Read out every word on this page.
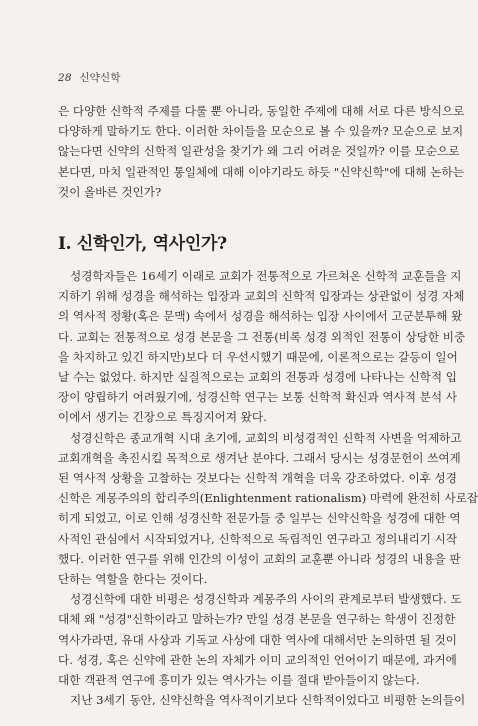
28 신약신학
은 다양한 신학적 주제를 다룰 뿐 아니라, 동일한 주제에 대해 서로 다른 방식으로
다양하게 말하기도 한다. 이러한 차이들을 모순으로 볼 수 있을까? 모순으로 보지
않는다면 신약의 신학적 일관성을 찾기가 왜 그리 어려운 것일까? 이를 모순으로
본다면, 마치 일관적인 통일체에 대해 이야기라도 하듯 "신약신학"에 대해 논하는
것이 올바른 것인가?
I. 신학인가, 역사인가?
성경학자들은 16세기 이래로 교회가 전통적으로 가르쳐온 신학적 교훈들을 지
지하기 위해 성경을 해석하는 입장과 교회의 신학적 입장과는 상관없이 성경 자체
의 역사적 정황(혹은 문맥) 속에서 성경을 해석하는 입장 사이에서 고군분투해 왔
다. 교회는 전통적으로 성경 본문을 그 전통(비록 성경 외적인 전통이 상당한 비중
을 차지하고 있긴 하지만)보다 더 우선시했기 때문에, 이론적으로는 갈등이 일어
날 수는 없었다. 하지만 실질적으로는 교회의 전통과 성경에 나타나는 신학적 입
장이 양립하기 어려웠기에, 성경신학 연구는 보통 신학적 확신과 역사적 분석 사
이에서 생기는 긴장으로 특징지어져 왔다.
성경신학은 종교개혁 시대 초기에, 교회의 비성경적인 신학적 사변을 억제하고
교회개혁을 촉진시킬 목적으로 생겨난 분야다. 그래서 당시는 성경문헌이 쓰여게
된 역사적 상황을 고찰하는 것보다는 신학적 개혁을 더욱 강조하였다. 이후 성경
신학은 계몽주의의 합리주의(Enlightenment rationalism) 마력에 완전히 사로잡
히게 되었고, 이로 인해 성경신학 전문가들 중 일부는 신약신학을 성경에 대한 역
사적인 관심에서 시작되었거나, 신학적으로 독립적인 연구라고 정의내리기 시작
했다. 이러한 연구를 위해 인간의 이성이 교회의 교훈뿐 아니라 성경의 내용을 판
단하는 역할을 한다는 것이다.
성경신학에 대한 비평은 성경신학과 계몽주의 사이의 관계로부터 발생했다. 도
대체 왜 "성경"신학이라고 말하는가? 만일 성경 본문을 연구하는 학생이 진정한
역사가라면, 유대 사상과 기독교 사상에 대한 역사에 대해서만 논의하면 될 것이
다. 성경, 혹은 신약에 관한 논의 자체가 이미 교의적인 언어이기 때문에, 과거에
대한 객관적 연구에 흥미가 있는 역사가는 이를 절대 받아들이지 않는다.
지난 3세기 동안, 신약신학을 역사적이기보다 신학적이었다고 비평한 논의들이
